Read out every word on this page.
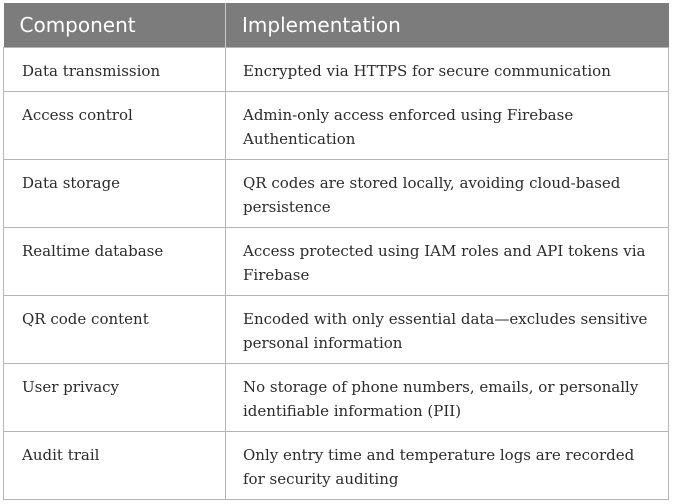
Component	Implementation
Data transmission	Encrypted via HTTPS for secure communication
Access control	Admin-only access enforced using Firebase Authentication
Data storage	QR codes are stored locally, avoiding cloud-based persistence
Realtime database	Access protected using IAM roles and API tokens via Firebase
QR code content	Encoded with only essential data—excludes sensitive personal information
User privacy	No storage of phone numbers, emails, or personally identifiable information (PII)
Audit trail	Only entry time and temperature logs are recorded for security auditing
